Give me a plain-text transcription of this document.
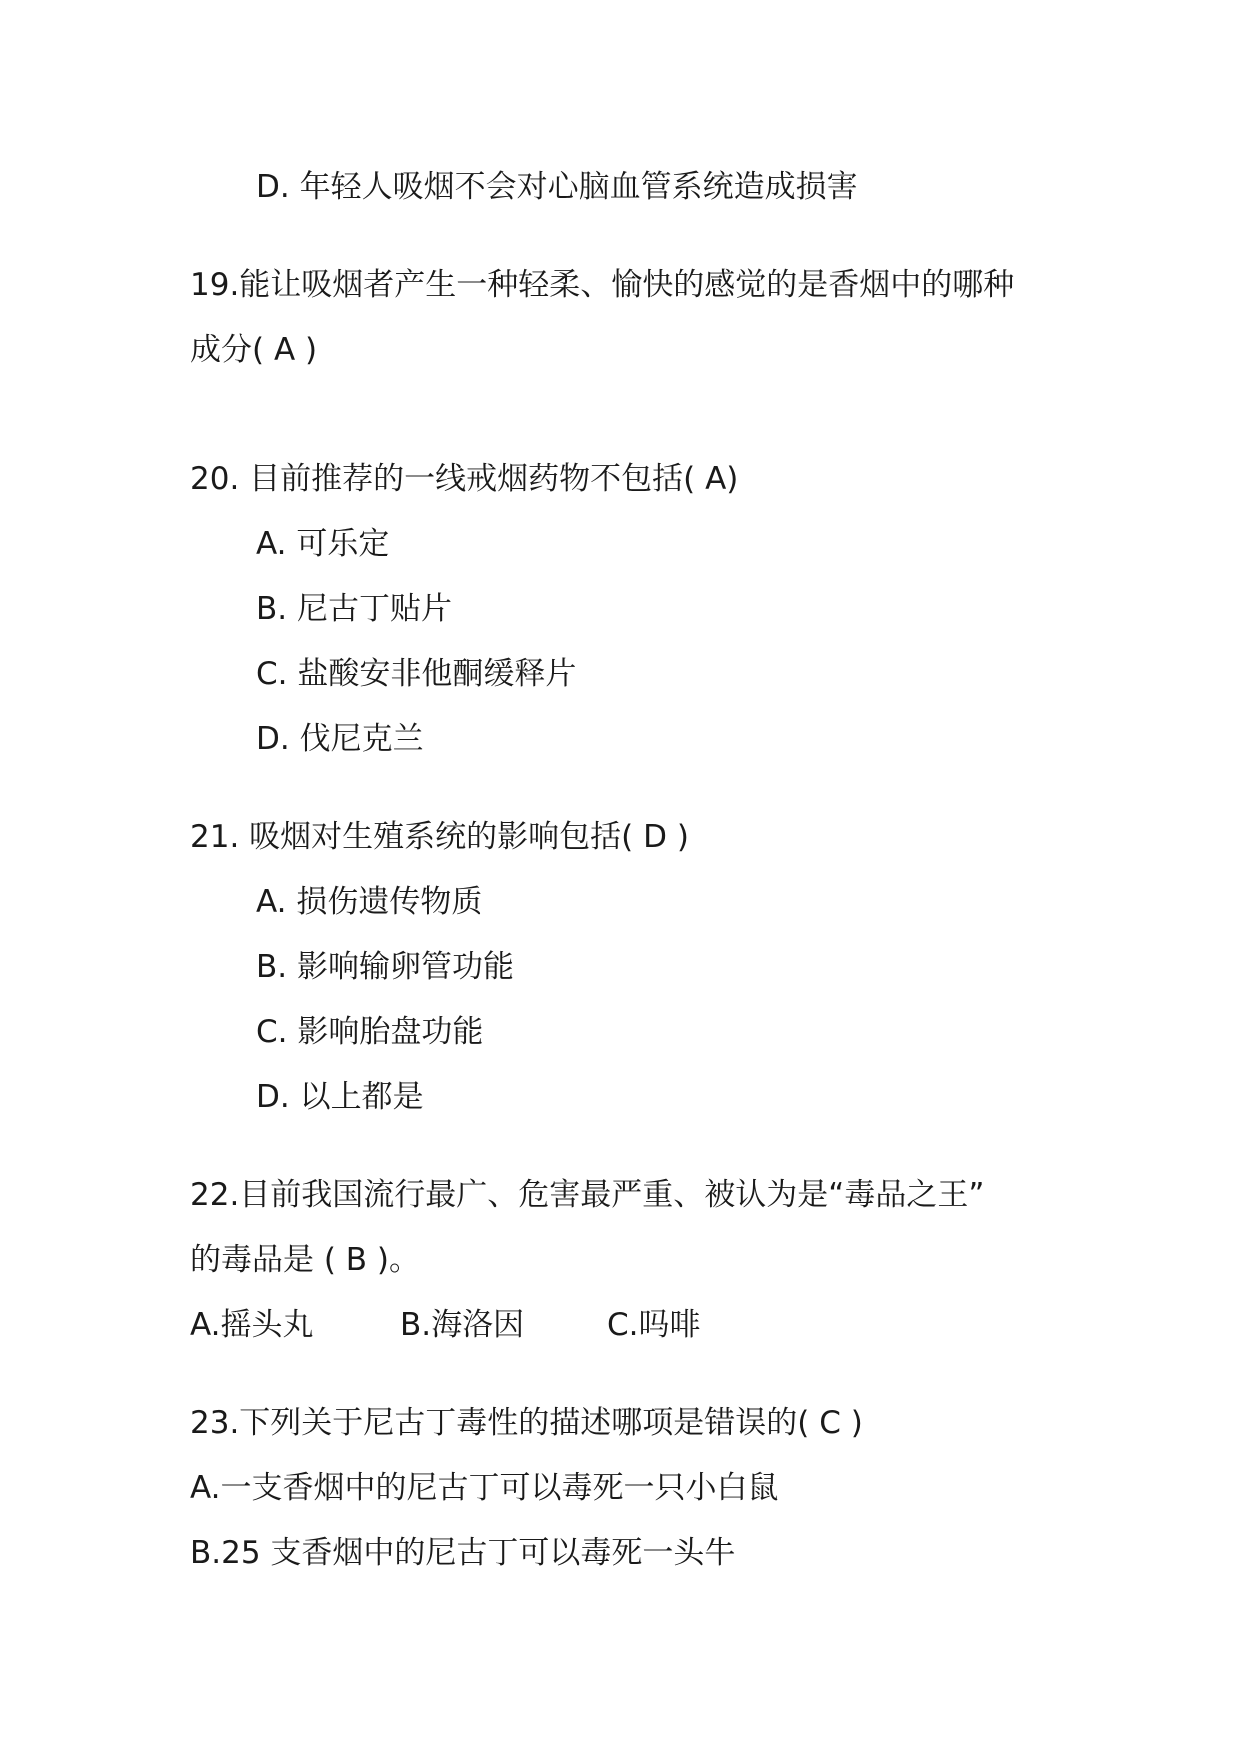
D. 年轻人吸烟不会对心脑血管系统造成损害

19.能让吸烟者产生一种轻柔、愉快的感觉的是香烟中的哪种

成分( A )

20. 目前推荐的一线戒烟药物不包括( A)

A. 可乐定

B. 尼古丁贴片

C. 盐酸安非他酮缓释片

D. 伐尼克兰

21. 吸烟对生殖系统的影响包括( D )

A. 损伤遗传物质

B. 影响输卵管功能

C. 影响胎盘功能

D. 以上都是

22.目前我国流行最广、危害最严重、被认为是“毒品之王”

的毒品是 ( B )。

A.摇头丸	B.海洛因	C.吗啡

23.下列关于尼古丁毒性的描述哪项是错误的( C )

A.一支香烟中的尼古丁可以毒死一只小白鼠

B.25 支香烟中的尼古丁可以毒死一头牛
